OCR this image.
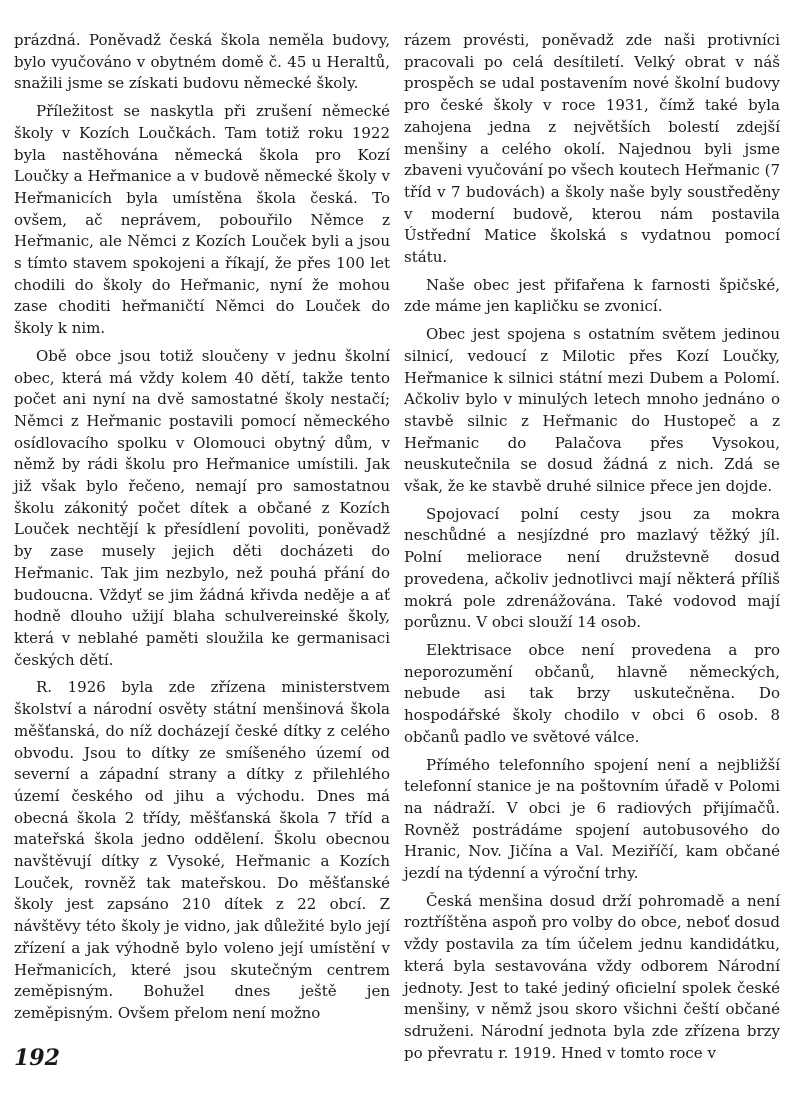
prázdná. Poněvadž česká škola neměla budovy, bylo vyučováno v obytném domě č. 45 u Heraltů, snažili jsme se získati budovu německé školy.

Příležitost se naskytla při zrušení německé školy v Kozích Loučkách. Tam totiž roku 1922 byla nastěhována německá škola pro Kozí Loučky a Heřmanice a v budově německé školy v Heřmanicích byla umístěna škola česká. To ovšem, ač neprávem, pobouřilo Němce z Heřmanic, ale Němci z Kozích Louček byli a jsou s tímto stavem spokojeni a říkají, že přes 100 let chodili do školy do Heřmanic, nyní že mohou zase choditi heřmaničtí Němci do Louček do školy k nim.

Obě obce jsou totiž sloučeny v jednu školní obec, která má vždy kolem 40 dětí, takže tento počet ani nyní na dvě samostatné školy nestačí; Němci z Heřmanic postavili pomocí německého osídlovacího spolku v Olomouci obytný dům, v němž by rádi školu pro Heřmanice umístili. Jak již však bylo řečeno, nemají pro samostatnou školu zákonitý počet dítek a občané z Kozích Louček nechtějí k přesídlení povoliti, poněvadž by zase musely jejich děti docházeti do Heřmanic. Tak jim nezbylo, než pouhá přání do budoucna. Vždyť se jim žádná křivda neděje a ať hodně dlouho užijí blaha schulvereinské školy, která v neblahé paměti sloužila ke germanisaci českých dětí.

R. 1926 byla zde zřízena ministerstvem školství a národní osvěty státní menšinová škola měšťanská, do níž docházejí české dítky z celého obvodu. Jsou to dítky ze smíšeného území od severní a západní strany a dítky z přilehlého území českého od jihu a východu. Dnes má obecná škola 2 třídy, měšťanská škola 7 tříd a mateřská škola jedno oddělení. Školu obecnou navštěvují dítky z Vysoké, Heřmanic a Kozích Louček, rovněž tak mateřskou. Do měšťanské školy jest zapsáno 210 dítek z 22 obcí. Z návštěvy této školy je vidno, jak důležité bylo její zřízení a jak výhodně bylo voleno její umístění v Heřmanicích, které jsou skutečným centrem zeměpisným. Bohužel dnes ještě jen zeměpisným. Ovšem přelom není možno

rázem provésti, poněvadž zde naši protivníci pracovali po celá desítiletí. Velký obrat v náš prospěch se udal postavením nové školní budovy pro české školy v roce 1931, čímž také byla zahojena jedna z největších bolestí zdejší menšiny a celého okolí. Najednou byli jsme zbaveni vyučování po všech koutech Heřmanic (7 tříd v 7 budovách) a školy naše byly soustředěny v moderní budově, kterou nám postavila Ústřední Matice školská s vydatnou pomocí státu.

Naše obec jest přifařena k farnosti špičské, zde máme jen kapličku se zvonicí.

Obec jest spojena s ostatním světem jedinou silnicí, vedoucí z Milotic přes Kozí Loučky, Heřmanice k silnici státní mezi Dubem a Polomí. Ačkoliv bylo v minulých letech mnoho jednáno o stavbě silnic z Heřmanic do Hustopeč a z Heřmanic do Palačova přes Vysokou, neuskutečnila se dosud žádná z nich. Zdá se však, že ke stavbě druhé silnice přece jen dojde.

Spojovací polní cesty jsou za mokra neschůdné a nesjízdné pro mazlavý těžký jíl. Polní meliorace není družstevně dosud provedena, ačkoliv jednotlivci mají některá příliš mokrá pole zdrenážována. Také vodovod mají porůznu. V obci slouží 14 osob.

Elektrisace obce není provedena a pro neporozumění občanů, hlavně německých, nebude asi tak brzy uskutečněna. Do hospodářské školy chodilo v obci 6 osob. 8 občanů padlo ve světové válce.

Přímého telefonního spojení není a nejbližší telefonní stanice je na poštovním úřadě v Polomi na nádraží. V obci je 6 radiových přijímačů. Rovněž postrádáme spojení autobusového do Hranic, Nov. Jičína a Val. Meziříčí, kam občané jezdí na týdenní a výroční trhy.

Česká menšina dosud drží pohromadě a není roztříštěna aspoň pro volby do obce, neboť dosud vždy postavila za tím účelem jednu kandidátku, která byla sestavována vždy odborem Národní jednoty. Jest to také jediný oficielní spolek české menšiny, v němž jsou skoro všichni čeští občané sdruženi. Národní jednota byla zde zřízena brzy po převratu r. 1919. Hned v tomto roce v

192
